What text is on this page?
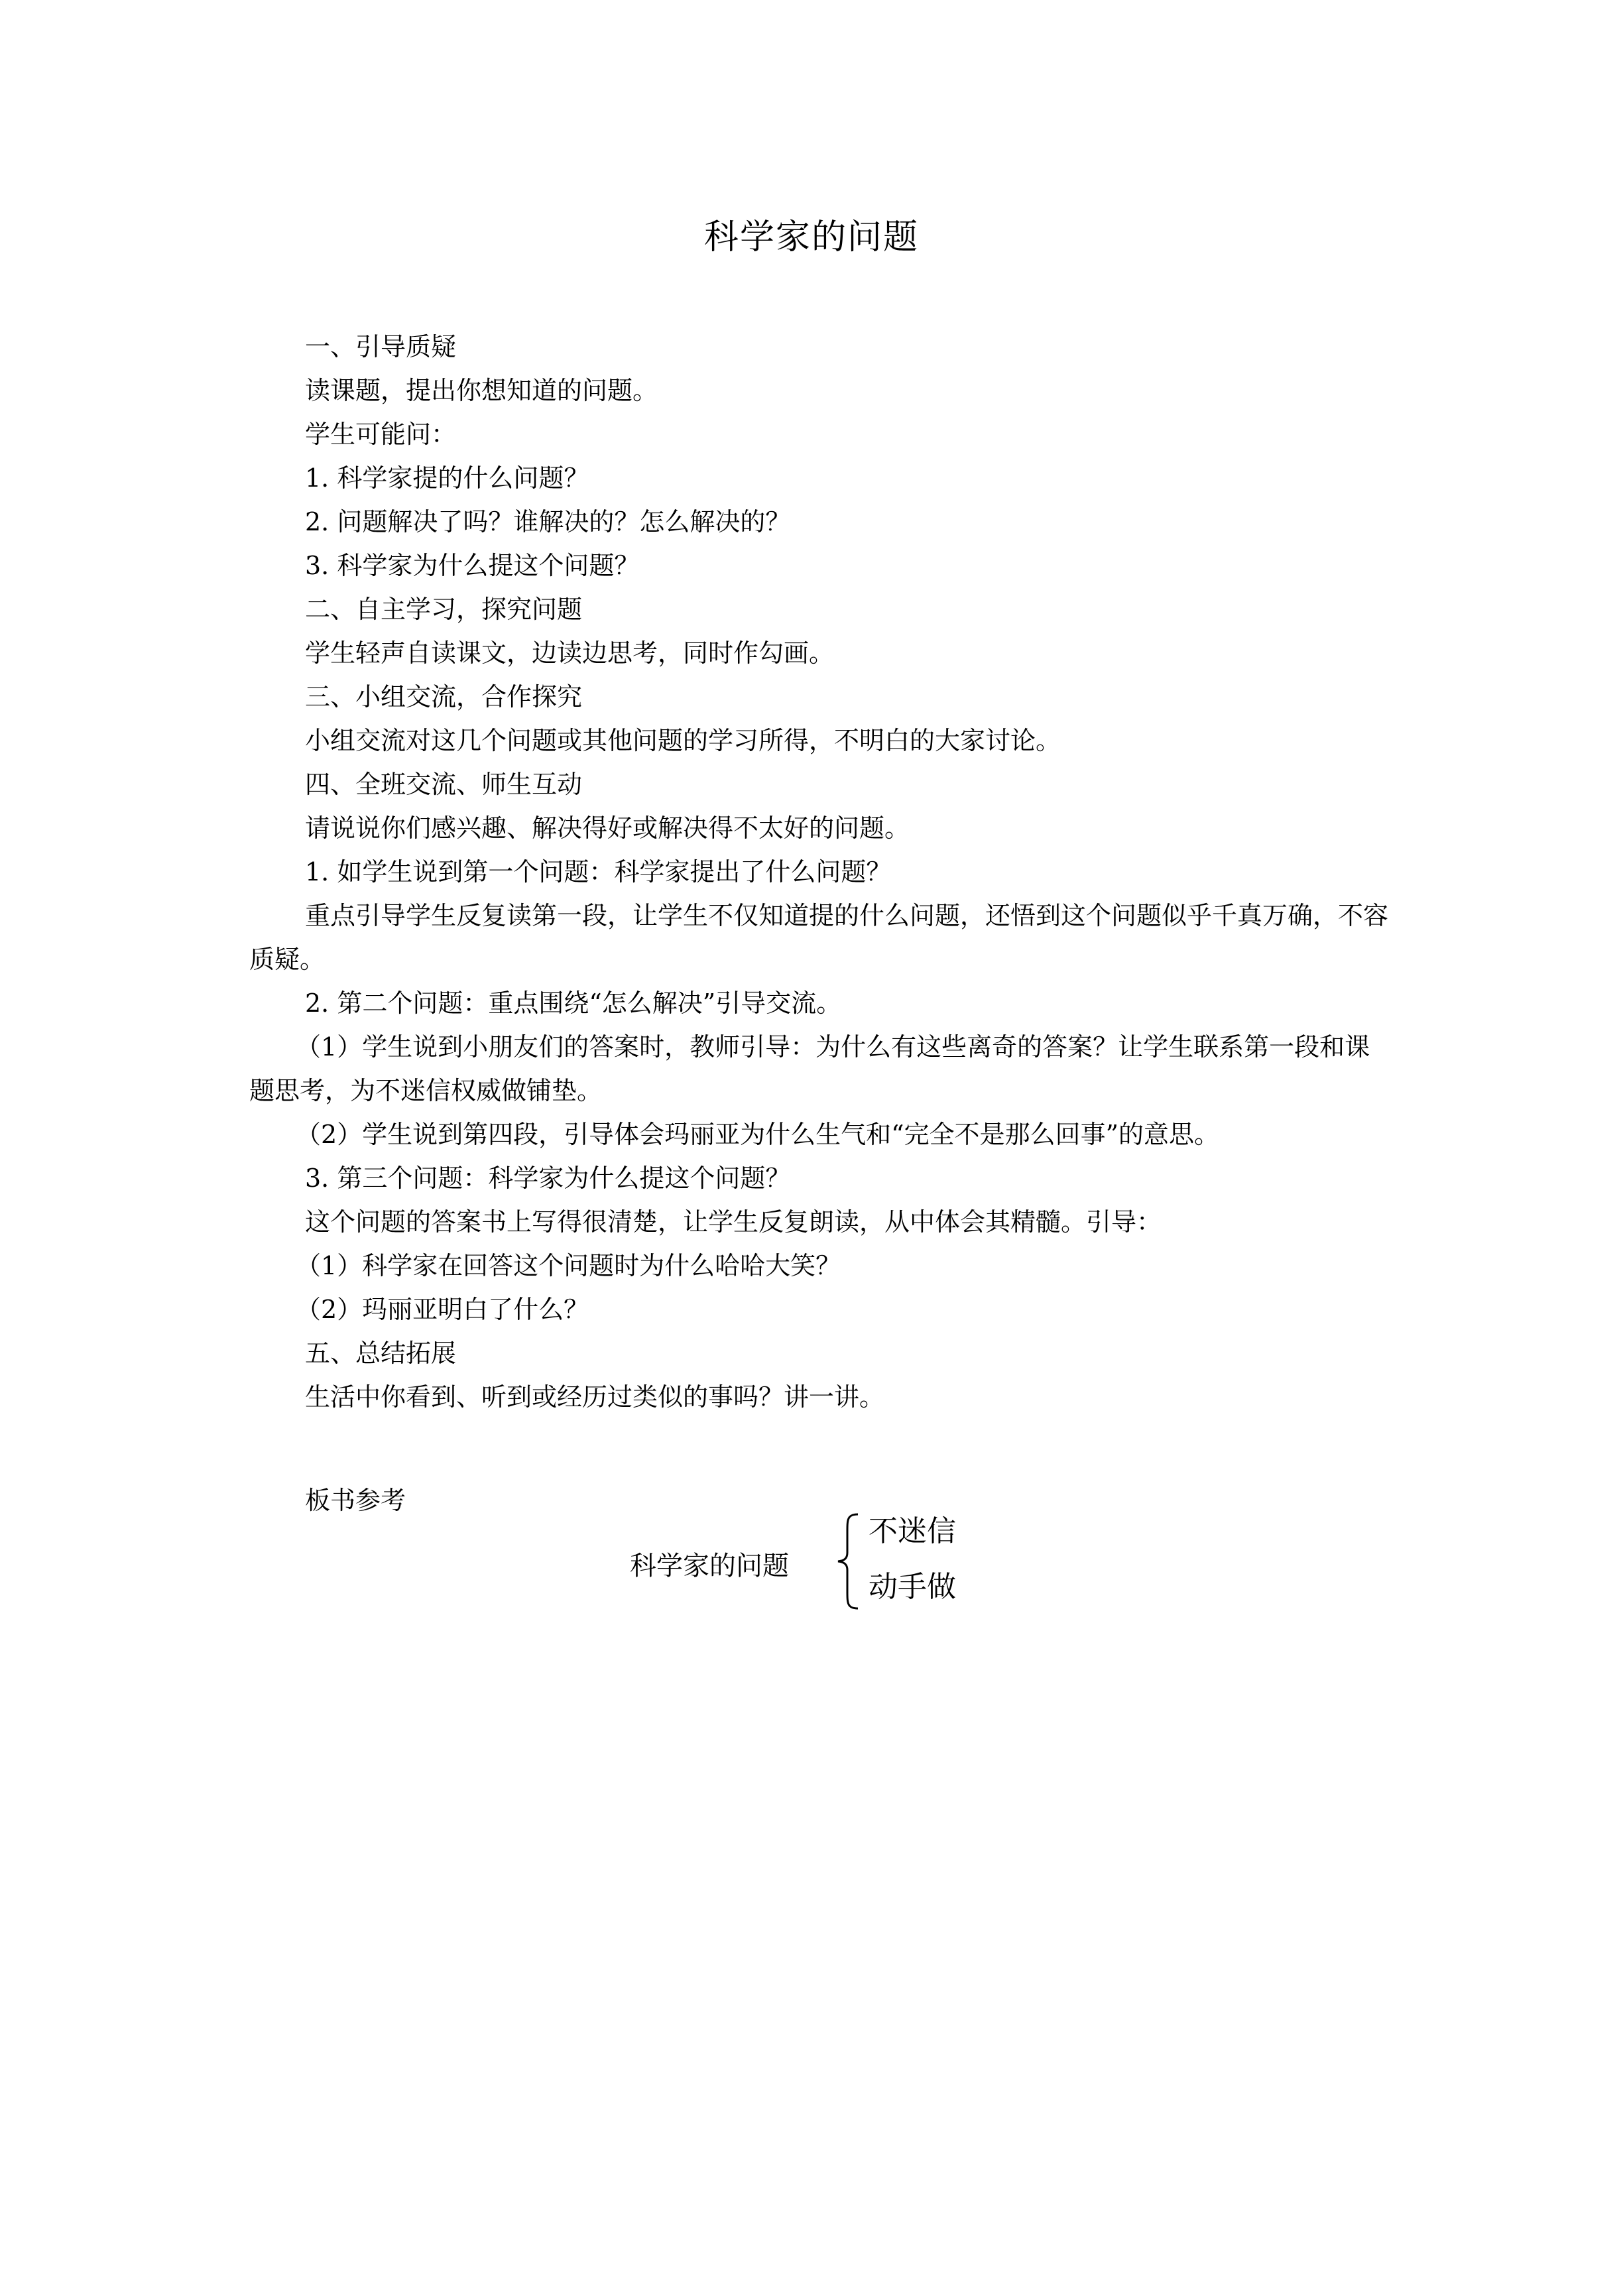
科学家的问题

一、引导质疑

读课题，提出你想知道的问题。

学生可能问：

1. 科学家提的什么问题？

2. 问题解决了吗？谁解决的？怎么解决的？

3. 科学家为什么提这个问题？

二、自主学习，探究问题

学生轻声自读课文，边读边思考，同时作勾画。

三、小组交流，合作探究

小组交流对这几个问题或其他问题的学习所得，不明白的大家讨论。

四、全班交流、师生互动

请说说你们感兴趣、解决得好或解决得不太好的问题。

1. 如学生说到第一个问题：科学家提出了什么问题？

重点引导学生反复读第一段，让学生不仅知道提的什么问题，还悟到这个问题似乎千真万确，不容质疑。

2. 第二个问题：重点围绕“怎么解决”引导交流。

（1）学生说到小朋友们的答案时，教师引导：为什么有这些离奇的答案？让学生联系第一段和课题思考，为不迷信权威做铺垫。

（2）学生说到第四段，引导体会玛丽亚为什么生气和“完全不是那么回事”的意思。

3. 第三个问题：科学家为什么提这个问题？

这个问题的答案书上写得很清楚，让学生反复朗读，从中体会其精髓。引导：

（1）科学家在回答这个问题时为什么哈哈大笑？

（2）玛丽亚明白了什么？

五、总结拓展

生活中你看到、听到或经历过类似的事吗？讲一讲。

板书参考

科学家的问题
不迷信
动手做
